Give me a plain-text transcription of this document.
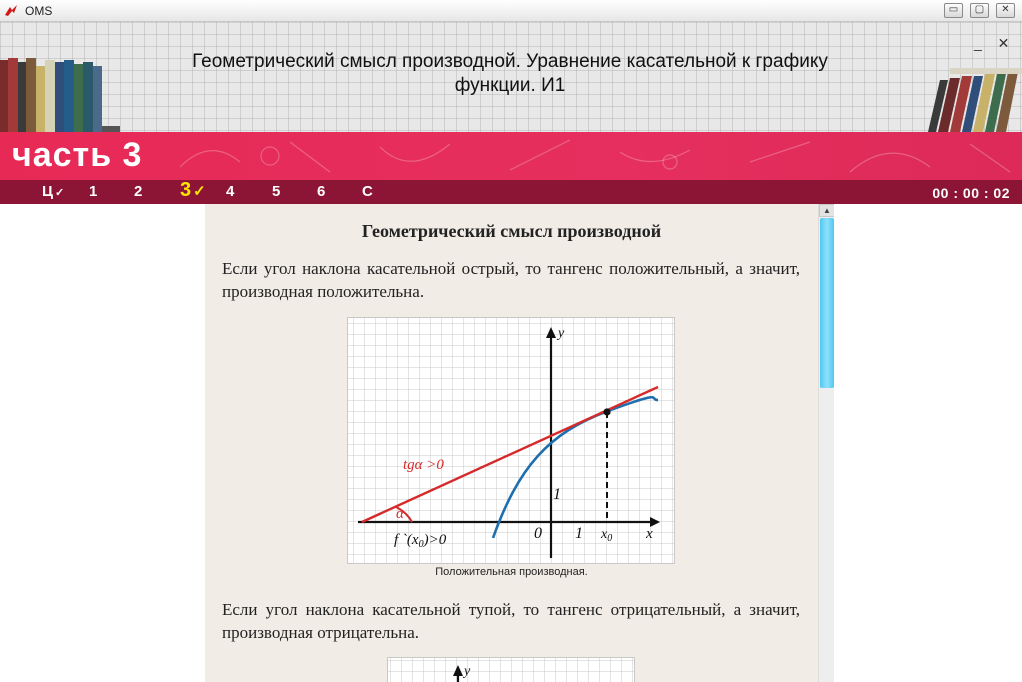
OMS	▭	▢	✕
Геометрический смысл производной. Уравнение касательной к графику функции. И1
_ ✕
часть 3
Ц ✓ 1 2 3 ✓ 4	5 6 С	00 : 00 : 02
Геометрический смысл производной
Если угол наклона касательной острый, то тангенс положительный, а значит, производная положительна.
y
x
0 1
1
$x_0$
α
tgα >0
f $`(x_0)>0$
Положительная производная.
Если угол наклона касательной тупой, то тангенс отрицательный, а значит, производная отрицательна.
y
▲
